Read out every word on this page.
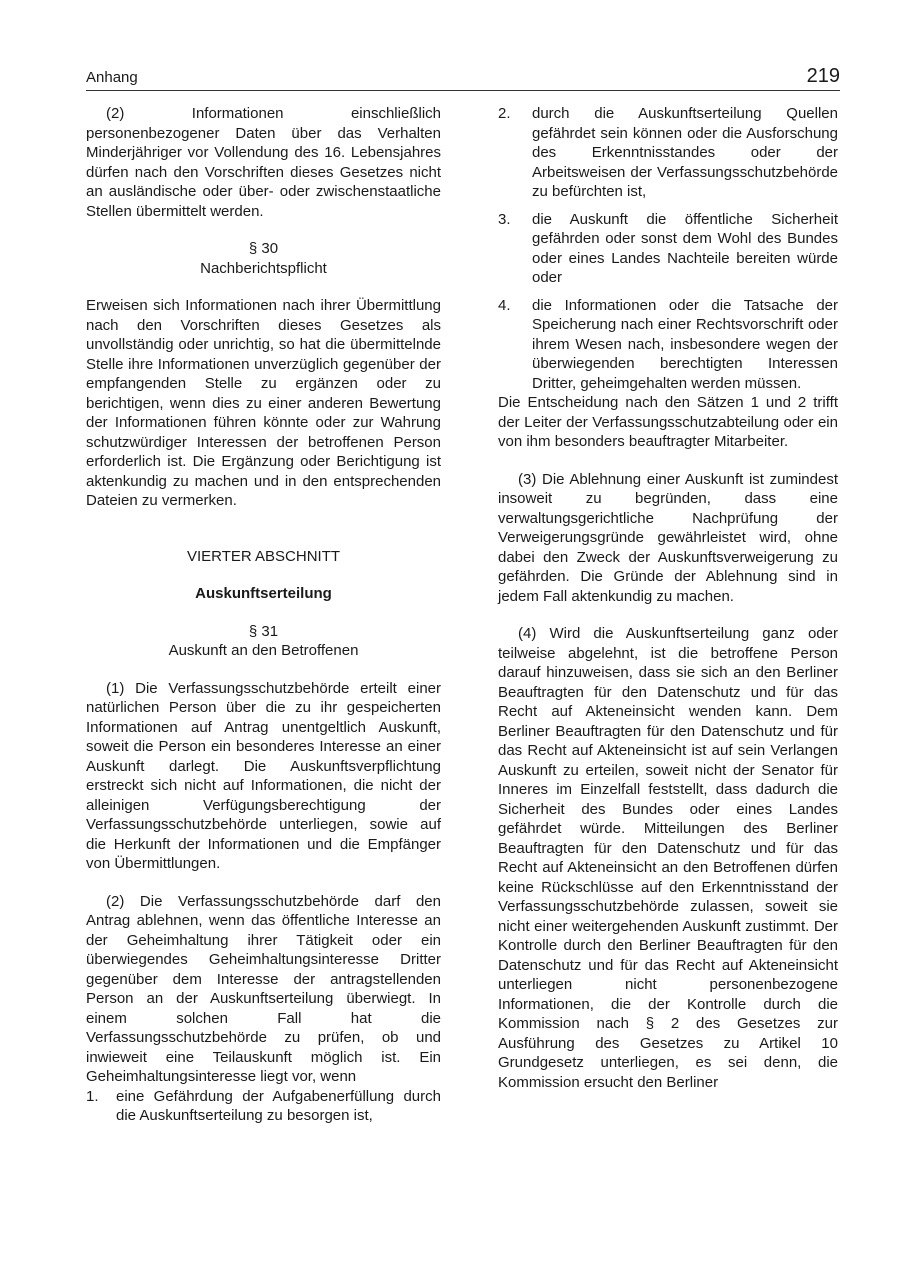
Anhang	219

(2) Informationen einschließlich personenbezogener Daten über das Verhalten Minderjähriger vor Vollendung des 16. Lebensjahres dürfen nach den Vorschriften dieses Gesetzes nicht an ausländische oder über- oder zwischenstaatliche Stellen übermittelt werden.

§ 30
Nachberichtspflicht

Erweisen sich Informationen nach ihrer Übermittlung nach den Vorschriften dieses Gesetzes als unvollständig oder unrichtig, so hat die übermittelnde Stelle ihre Informationen unverzüglich gegenüber der empfangenden Stelle zu ergänzen oder zu berichtigen, wenn dies zu einer anderen Bewertung der Informationen führen könnte oder zur Wahrung schutzwürdiger Interessen der betroffenen Person erforderlich ist. Die Ergänzung oder Berichtigung ist aktenkundig zu machen und in den entsprechenden Dateien zu vermerken.

VIERTER ABSCHNITT
Auskunftserteilung
§ 31
Auskunft an den Betroffenen

(1) Die Verfassungsschutzbehörde erteilt einer natürlichen Person über die zu ihr gespeicherten Informationen auf Antrag unentgeltlich Auskunft, soweit die Person ein besonderes Interesse an einer Auskunft darlegt. Die Auskunftsverpflichtung erstreckt sich nicht auf Informationen, die nicht der alleinigen Verfügungsberechtigung der Verfassungsschutzbehörde unterliegen, sowie auf die Herkunft der Informationen und die Empfänger von Übermittlungen.

(2) Die Verfassungsschutzbehörde darf den Antrag ablehnen, wenn das öffentliche Interesse an der Geheimhaltung ihrer Tätigkeit oder ein überwiegendes Geheimhaltungsinteresse Dritter gegenüber dem Interesse der antragstellenden Person an der Auskunftserteilung überwiegt. In einem solchen Fall hat die Verfassungsschutzbehörde zu prüfen, ob und inwieweit eine Teilauskunft möglich ist. Ein Geheimhaltungsinteresse liegt vor, wenn

1.	eine Gefährdung der Aufgabenerfüllung durch die Auskunftserteilung zu besorgen ist,
2.	durch die Auskunftserteilung Quellen gefährdet sein können oder die Ausforschung des Erkenntnisstandes oder der Arbeitsweisen der Verfassungsschutzbehörde zu befürchten ist,
3.	die Auskunft die öffentliche Sicherheit gefährden oder sonst dem Wohl des Bundes oder eines Landes Nachteile bereiten würde oder
4.	die Informationen oder die Tatsache der Speicherung nach einer Rechtsvorschrift oder ihrem Wesen nach, insbesondere wegen der überwiegenden berechtigten Interessen Dritter, geheimgehalten werden müssen.

Die Entscheidung nach den Sätzen 1 und 2 trifft der Leiter der Verfassungsschutzabteilung oder ein von ihm besonders beauftragter Mitarbeiter.

(3) Die Ablehnung einer Auskunft ist zumindest insoweit zu begründen, dass eine verwaltungsgerichtliche Nachprüfung der Verweigerungsgründe gewährleistet wird, ohne dabei den Zweck der Auskunftsverweigerung zu gefährden. Die Gründe der Ablehnung sind in jedem Fall aktenkundig zu machen.

(4) Wird die Auskunftserteilung ganz oder teilweise abgelehnt, ist die betroffene Person darauf hinzuweisen, dass sie sich an den Berliner Beauftragten für den Datenschutz und für das Recht auf Akteneinsicht wenden kann. Dem Berliner Beauftragten für den Datenschutz und für das Recht auf Akteneinsicht ist auf sein Verlangen Auskunft zu erteilen, soweit nicht der Senator für Inneres im Einzelfall feststellt, dass dadurch die Sicherheit des Bundes oder eines Landes gefährdet würde. Mitteilungen des Berliner Beauftragten für den Datenschutz und für das Recht auf Akteneinsicht an den Betroffenen dürfen keine Rückschlüsse auf den Erkenntnisstand der Verfassungsschutzbehörde zulassen, soweit sie nicht einer weitergehenden Auskunft zustimmt. Der Kontrolle durch den Berliner Beauftragten für den Datenschutz und für das Recht auf Akteneinsicht unterliegen nicht personenbezogene Informationen, die der Kontrolle durch die Kommission nach § 2 des Gesetzes zur Ausführung des Gesetzes zu Artikel 10 Grundgesetz unterliegen, es sei denn, die Kommission ersucht den Berliner
